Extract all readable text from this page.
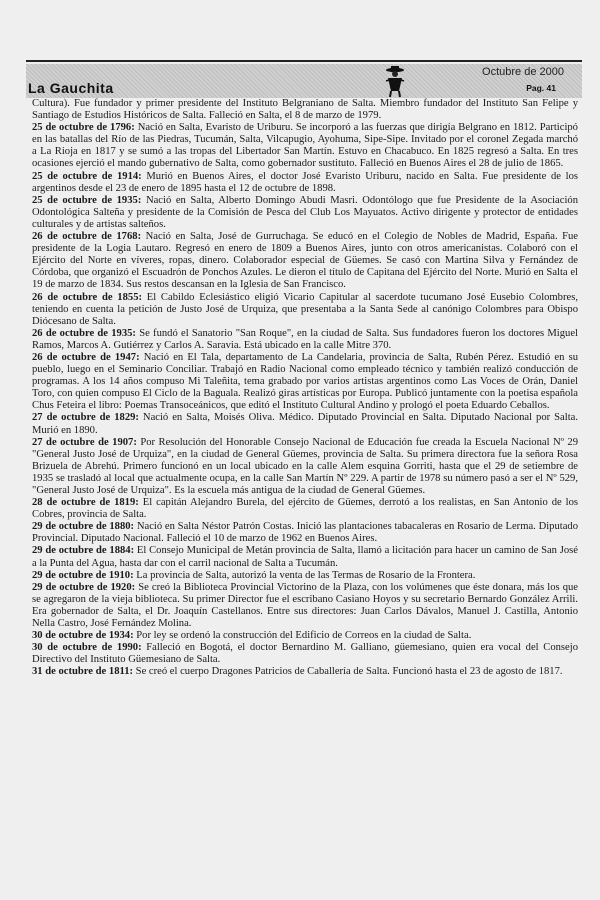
La Gauchita
Octubre de 2000
Pag. 41

Cultura). Fue fundador y primer presidente del Instituto Belgraniano de Salta. Miembro fundador del Instituto San Felipe y Santiago de Estudios Históricos de Salta. Falleció en Salta, el 8 de marzo de 1979.

25 de octubre de 1796: Nació en Salta, Evaristo de Uriburu. Se incorporó a las fuerzas que dirigía Belgrano en 1812. Participó en las batallas del Río de las Piedras, Tucumán, Salta, Vilcapugio, Ayohuma, Sipe-Sipe. Invitado por el coronel Zegada marchó a La Rioja en 1817 y se sumó a las tropas del Libertador San Martín. Estuvo en Chacabuco. En 1825 regresó a Salta. En tres ocasiones ejerció el mando gubernativo de Salta, como gobernador sustituto. Falleció en Buenos Aires el 28 de julio de 1865.

25 de octubre de 1914: Murió en Buenos Aires, el doctor José Evaristo Uriburu, nacido en Salta. Fue presidente de los argentinos desde el 23 de enero de 1895 hasta el 12 de octubre de 1898.

25 de octubre de 1935: Nació en Salta, Alberto Domingo Abudi Masri. Odontólogo que fue Presidente de la Asociación Odontológica Salteña y presidente de la Comisión de Pesca del Club Los Mayuatos. Activo dirigente y protector de entidades culturales y de artistas salteños.

26 de octubre de 1768: Nació en Salta, José de Gurruchaga. Se educó en el Colegio de Nobles de Madrid, España. Fue presidente de la Logia Lautaro. Regresó en enero de 1809 a Buenos Aires, junto con otros americanistas. Colaboró con el Ejército del Norte en víveres, ropas, dinero. Colaborador especial de Güemes. Se casó con Martina Silva y Fernández de Córdoba, que organizó el Escuadrón de Ponchos Azules. Le dieron el título de Capitana del Ejército del Norte. Murió en Salta el 19 de marzo de 1834. Sus restos descansan en la Iglesia de San Francisco.

26 de octubre de 1855: El Cabildo Eclesiástico eligió Vicario Capitular al sacerdote tucumano José Eusebio Colombres, teniendo en cuenta la petición de Justo José de Urquiza, que presentaba a la Santa Sede al canónigo Colombres para Obispo Diócesano de Salta.

26 de octubre de 1935: Se fundó el Sanatorio "San Roque", en la ciudad de Salta. Sus fundadores fueron los doctores Miguel Ramos, Marcos A. Gutiérrez y Carlos A. Saravia. Está ubicado en la calle Mitre 370.

26 de octubre de 1947: Nació en El Tala, departamento de La Candelaria, provincia de Salta, Rubén Pérez. Estudió en su pueblo, luego en el Seminario Conciliar. Trabajó en Radio Nacional como empleado técnico y también realizó conducción de programas. A los 14 años compuso Mi Taleñita, tema grabado por varios artistas argentinos como Las Voces de Orán, Daniel Toro, con quien compuso El Ciclo de la Baguala. Realizó giras artísticas por Europa. Publicó juntamente con la poetisa española Chus Feteira el libro: Poemas Transoceánicos, que editó el Instituto Cultural Andino y prologó el poeta Eduardo Ceballos.

27 de octubre de 1829: Nació en Salta, Moisés Oliva. Médico. Diputado Provincial en Salta. Diputado Nacional por Salta. Murió en 1890.

27 de octubre de 1907: Por Resolución del Honorable Consejo Nacional de Educación fue creada la Escuela Nacional Nº 29 "General Justo José de Urquiza", en la ciudad de General Güemes, provincia de Salta. Su primera directora fue la señora Rosa Brizuela de Abrehú. Primero funcionó en un local ubicado en la calle Alem esquina Gorriti, hasta que el 29 de setiembre de 1935 se trasladó al local que actualmente ocupa, en la calle San Martín Nº 229. A partir de 1978 su número pasó a ser el Nº 529, "General Justo José de Urquiza". Es la escuela más antigua de la ciudad de General Güemes.

28 de octubre de 1819: El capitán Alejandro Burela, del ejército de Güemes, derrotó a los realistas, en San Antonio de los Cobres, provincia de Salta.

29 de octubre de 1880: Nació en Salta Néstor Patrón Costas. Inició las plantaciones tabacaleras en Rosario de Lerma. Diputado Provincial. Diputado Nacional. Falleció el 10 de marzo de 1962 en Buenos Aires.

29 de octubre de 1884: El Consejo Municipal de Metán provincia de Salta, llamó a licitación para hacer un camino de San José a la Punta del Agua, hasta dar con el carril nacional de Salta a Tucumán.

29 de octubre de 1910: La provincia de Salta, autorizó la venta de las Termas de Rosario de la Frontera.

29 de octubre de 1920: Se creó la Biblioteca Provincial Victorino de la Plaza, con los volúmenes que éste donara, más los que se agregaron de la vieja biblioteca. Su primer Director fue el escribano Casiano Hoyos y su secretario Bernardo González Arrili. Era gobernador de Salta, el Dr. Joaquín Castellanos. Entre sus directores: Juan Carlos Dávalos, Manuel J. Castilla, Antonio Nella Castro, José Fernández Molina.

30 de octubre de 1934: Por ley se ordenó la construcción del Edificio de Correos en la ciudad de Salta.

30 de octubre de 1990: Falleció en Bogotá, el doctor Bernardino M. Galliano, güemesiano, quien era vocal del Consejo Directivo del Instituto Güemesiano de Salta.

31 de octubre de 1811: Se creó el cuerpo Dragones Patricios de Caballería de Salta. Funcionó hasta el 23 de agosto de 1817.
